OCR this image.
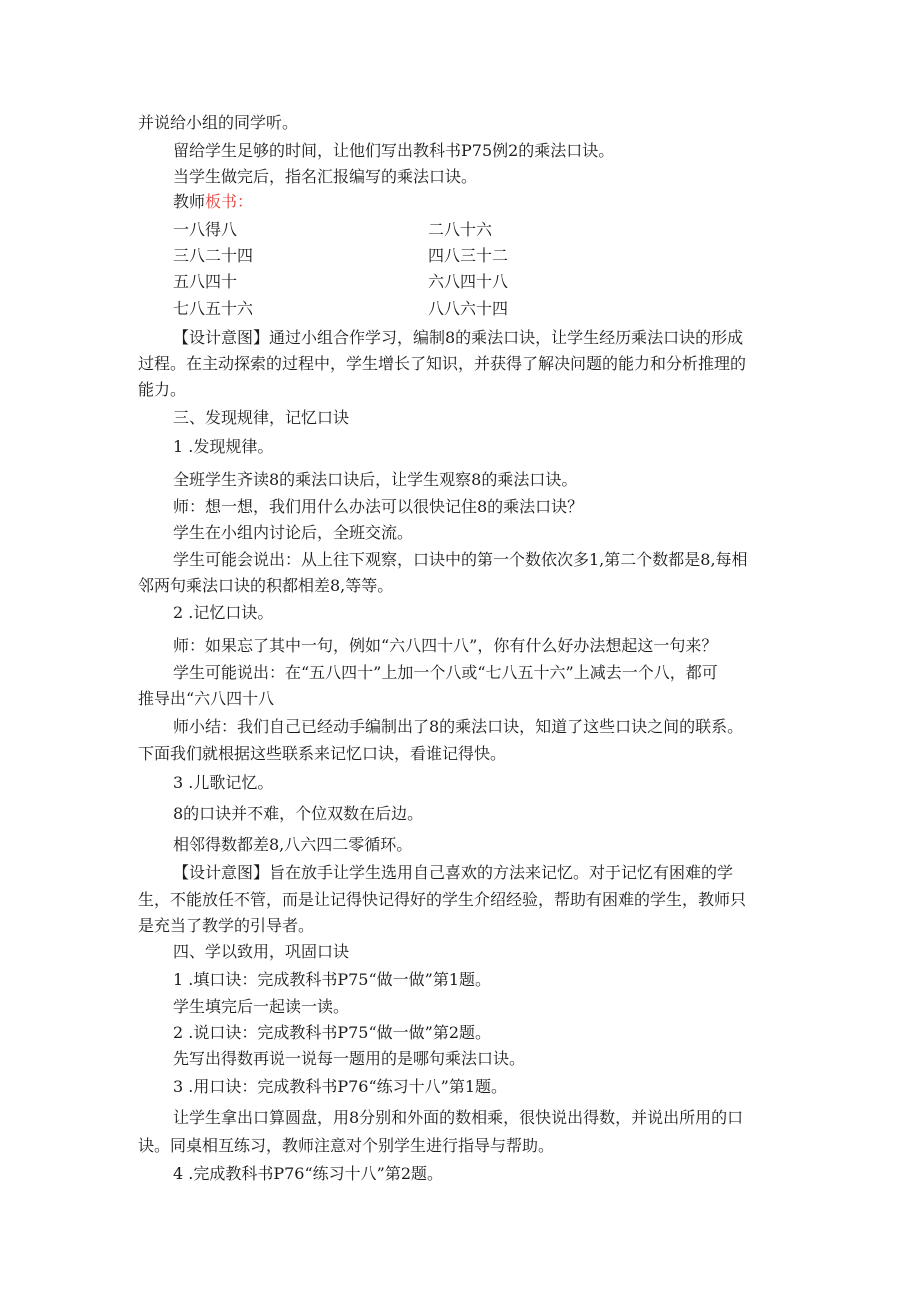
并说给小组的同学听。
留给学生足够的时间，让他们写出教科书P75例2的乘法口诀。
当学生做完后，指名汇报编写的乘法口诀。
教师板书：
一八得八	二八十六
三八二十四	四八三十二
五八四十	六八四十八
七八五十六	八八六十四
【设计意图】通过小组合作学习，编制8的乘法口诀，让学生经历乘法口诀的形成
过程。在主动探索的过程中，学生增长了知识，并获得了解决问题的能力和分析推理的
能力。
三、发现规律，记忆口诀
1 .发现规律。
全班学生齐读8的乘法口诀后，让学生观察8的乘法口诀。
师：想一想，我们用什么办法可以很快记住8的乘法口诀？
学生在小组内讨论后，全班交流。
学生可能会说出：从上往下观察，口诀中的第一个数依次多1,第二个数都是8,每相
邻两句乘法口诀的积都相差8,等等。
2 .记忆口诀。
师：如果忘了其中一句，例如“六八四十八”，你有什么好办法想起这一句来？
学生可能说出：在“五八四十”上加一个八或“七八五十六”上减去一个八，都可
推导出“六八四十八
师小结：我们自己已经动手编制出了8的乘法口诀，知道了这些口诀之间的联系。
下面我们就根据这些联系来记忆口诀，看谁记得快。
3 .儿歌记忆。
8的口诀并不难，个位双数在后边。
相邻得数都差8,八六四二零循环。
【设计意图】旨在放手让学生选用自己喜欢的方法来记忆。对于记忆有困难的学
生，不能放任不管，而是让记得快记得好的学生介绍经验，帮助有困难的学生，教师只
是充当了教学的引导者。
四、学以致用，巩固口诀
1 .填口诀：完成教科书P75“做一做”第1题。
学生填完后一起读一读。
2 .说口诀：完成教科书P75“做一做”第2题。
先写出得数再说一说每一题用的是哪句乘法口诀。
3 .用口诀：完成教科书P76“练习十八”第1题。
让学生拿出口算圆盘，用8分别和外面的数相乘，很快说出得数，并说出所用的口
诀。同桌相互练习，教师注意对个别学生进行指导与帮助。
4 .完成教科书P76“练习十八”第2题。
